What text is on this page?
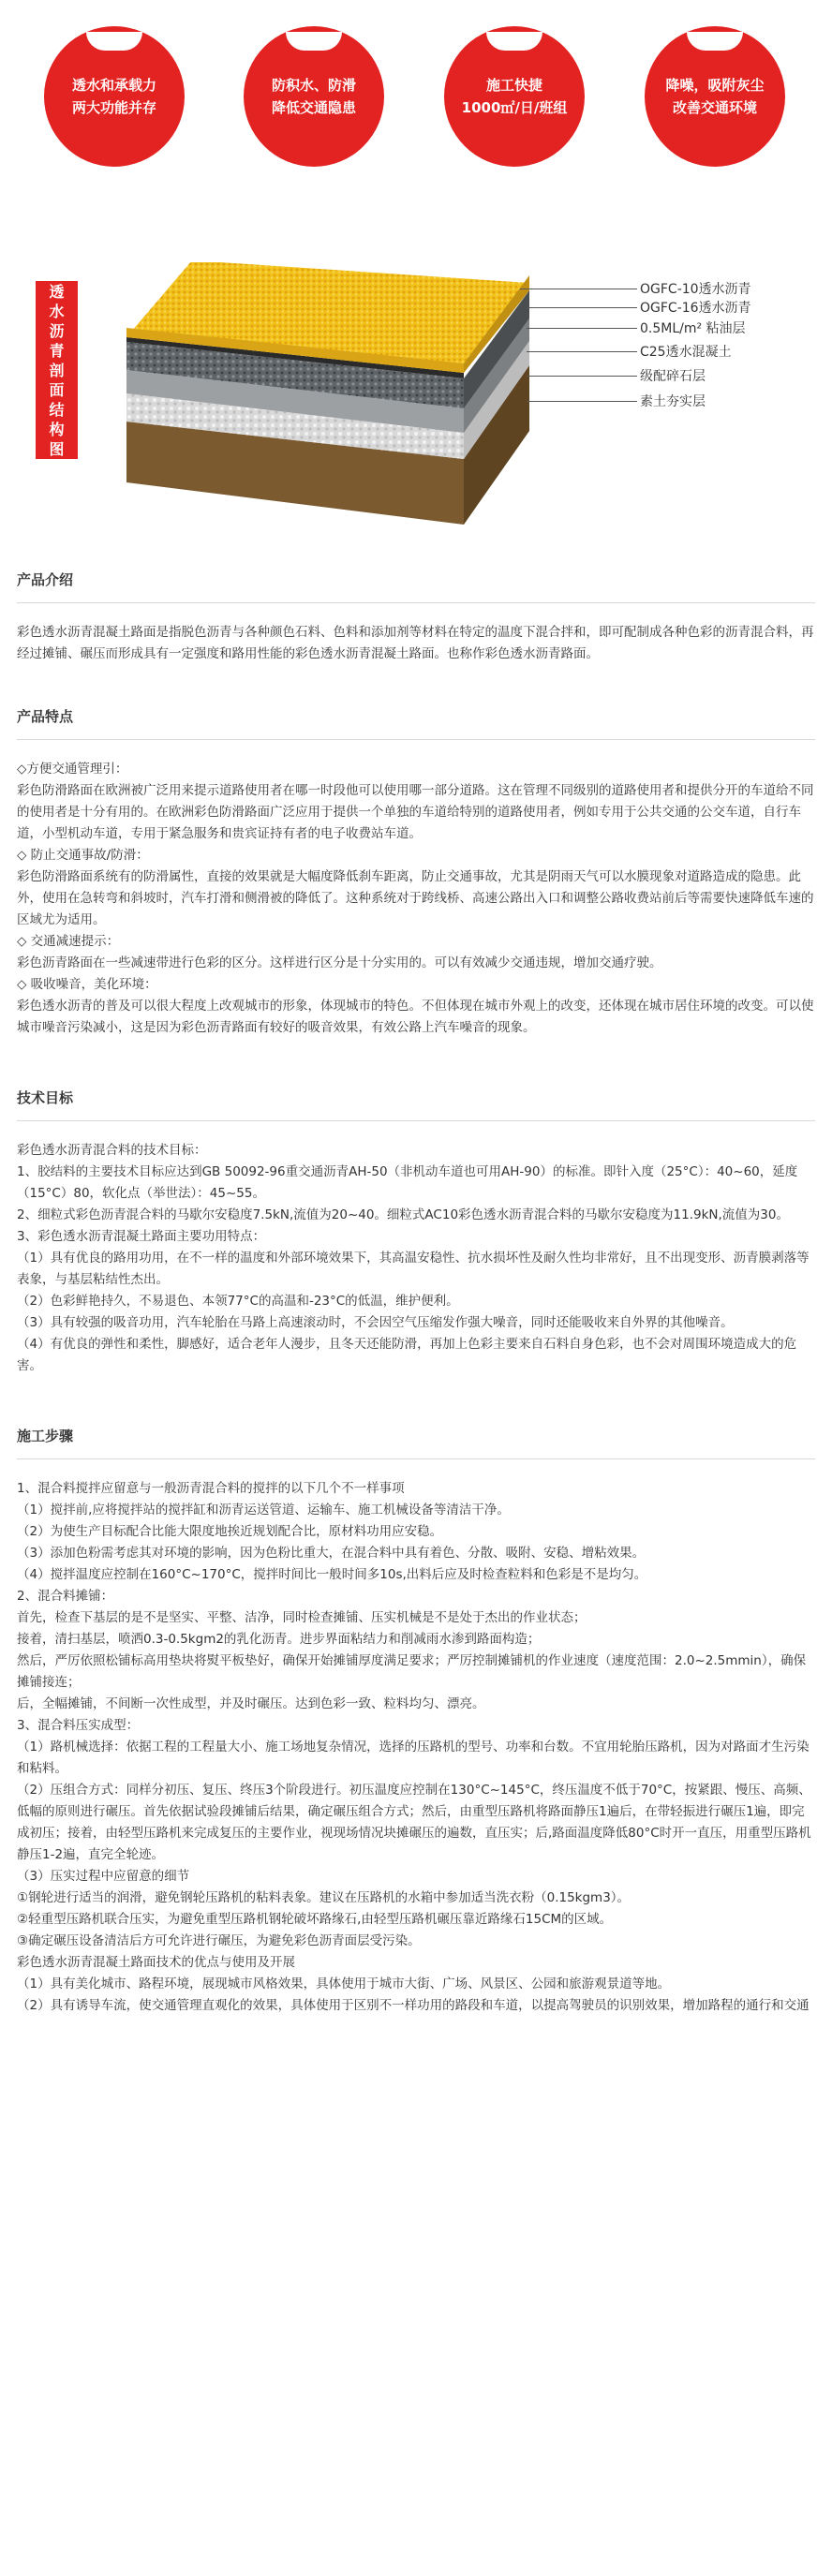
透水和承载力
两大功能并存
防积水、防滑
降低交通隐患
施工快捷
1000㎡/日/班组
降噪，吸附灰尘
改善交通环境
透
水
沥
青
剖
面
结
构
图
OGFC-10透水沥青
OGFC-16透水沥青
0.5ML/m² 粘油层
C25透水混凝土
级配碎石层
素土夯实层
产品介绍

彩色透水沥青混凝土路面是指脱色沥青与各种颜色石料、色料和添加剂等材料在特定的温度下混合拌和，即可配制成各种色彩的沥青混合料，再经过摊铺、碾压而形成具有一定强度和路用性能的彩色透水沥青混凝土路面。也称作彩色透水沥青路面。

产品特点

◇方便交通管理引：

彩色防滑路面在欧洲被广泛用来提示道路使用者在哪一时段他可以使用哪一部分道路。这在管理不同级别的道路使用者和提供分开的车道给不同的使用者是十分有用的。在欧洲彩色防滑路面广泛应用于提供一个单独的车道给特别的道路使用者，例如专用于公共交通的公交车道，自行车道，小型机动车道，专用于紧急服务和贵宾证持有者的电子收费站车道。

◇ 防止交通事故/防滑：

彩色防滑路面系统有的防滑属性，直接的效果就是大幅度降低刹车距离，防止交通事故，尤其是阴雨天气可以水膜现象对道路造成的隐患。此外，使用在急转弯和斜坡时，汽车打滑和侧滑被的降低了。这种系统对于跨线桥、高速公路出入口和调整公路收费站前后等需要快速降低车速的区域尤为适用。

◇ 交通减速提示：

彩色沥青路面在一些减速带进行色彩的区分。这样进行区分是十分实用的。可以有效减少交通违规，增加交通疗驶。

◇ 吸收噪音，美化环境：

彩色透水沥青的普及可以很大程度上改观城市的形象，体现城市的特色。不但体现在城市外观上的改变，还体现在城市居住环境的改变。可以使城市噪音污染减小，这是因为彩色沥青路面有较好的吸音效果，有效公路上汽车噪音的现象。

技术目标

彩色透水沥青混合料的技术目标：

1、胶结料的主要技术目标应达到GB 50092-96重交通沥青AH-50（非机动车道也可用AH-90）的标准。即针入度（25°C）：40~60，延度（15°C）80，软化点（举世法）：45~55。

2、细粒式彩色沥青混合料的马歇尔安稳度7.5kN,流值为20~40。细粒式AC10彩色透水沥青混合料的马歇尔安稳度为11.9kN,流值为30。

3、彩色透水沥青混凝土路面主要功用特点：

（1）具有优良的路用功用，在不一样的温度和外部环境效果下，其高温安稳性、抗水损坏性及耐久性均非常好，且不出现变形、沥青膜剥落等表象，与基层粘结性杰出。

（2）色彩鲜艳持久，不易退色、本领77°C的高温和-23°C的低温，维护便利。

（3）具有较强的吸音功用，汽车轮胎在马路上高速滚动时，不会因空气压缩发作强大噪音，同时还能吸收来自外界的其他噪音。

（4）有优良的弹性和柔性，脚感好，适合老年人漫步，且冬天还能防滑，再加上色彩主要来自石料自身色彩，也不会对周围环境造成大的危害。

施工步骤

1、混合料搅拌应留意与一般沥青混合料的搅拌的以下几个不一样事项

（1）搅拌前,应将搅拌站的搅拌缸和沥青运送管道、运输车、施工机械设备等清洁干净。

（2）为使生产目标配合比能大限度地挨近规划配合比，原材料功用应安稳。

（3）添加色粉需考虑其对环境的影响，因为色粉比重大，在混合料中具有着色、分散、吸附、安稳、增粘效果。

（4）搅拌温度应控制在160°C~170°C，搅拌时间比一般时间多10s,出料后应及时检查粒料和色彩是不是均匀。

2、混合料摊铺：

首先，检查下基层的是不是坚实、平整、洁净，同时检查摊铺、压实机械是不是处于杰出的作业状态；

接着，清扫基层，喷洒0.3-0.5kgm2的乳化沥青。进步界面粘结力和削减雨水渗到路面构造；

然后，严厉依照松铺标高用垫块将熨平板垫好，确保开始摊铺厚度满足要求；严厉控制摊铺机的作业速度（速度范围：2.0~2.5mmin），确保摊铺接连；

后，全幅摊铺，不间断一次性成型，并及时碾压。达到色彩一致、粒料均匀、漂亮。

3、混合料压实成型：

（1）路机械选择：依据工程的工程量大小、施工场地复杂情况，选择的压路机的型号、功率和台数。不宜用轮胎压路机，因为对路面才生污染和粘料。

（2）压组合方式：同样分初压、复压、终压3个阶段进行。初压温度应控制在130°C~145°C，终压温度不低于70°C，按紧跟、慢压、高频、低幅的原则进行碾压。首先依据试验段摊铺后结果，确定碾压组合方式；然后，由重型压路机将路面静压1遍后，在带轻振进行碾压1遍，即完成初压；接着，由轻型压路机来完成复压的主要作业，视现场情况块摊碾压的遍数，直压实；后,路面温度降低80°C时开一直压，用重型压路机静压1-2遍，直完全轮迹。

（3）压实过程中应留意的细节

①钢轮进行适当的润滑，避免钢轮压路机的粘料表象。建议在压路机的水箱中参加适当洗衣粉（0.15kgm3）。

②轻重型压路机联合压实，为避免重型压路机钢轮破坏路缘石,由轻型压路机碾压靠近路缘石15CM的区域。

③确定碾压设备清洁后方可允许进行碾压，为避免彩色沥青面层受污染。

彩色透水沥青混凝土路面技术的优点与使用及开展

（1）具有美化城市、路程环境，展现城市风格效果，具体使用于城市大街、广场、风景区、公园和旅游观景道等地。

（2）具有诱导车流，使交通管理直观化的效果，具体使用于区别不一样功用的路段和车道，以提高驾驶员的识别效果，增加路程的通行和交通
